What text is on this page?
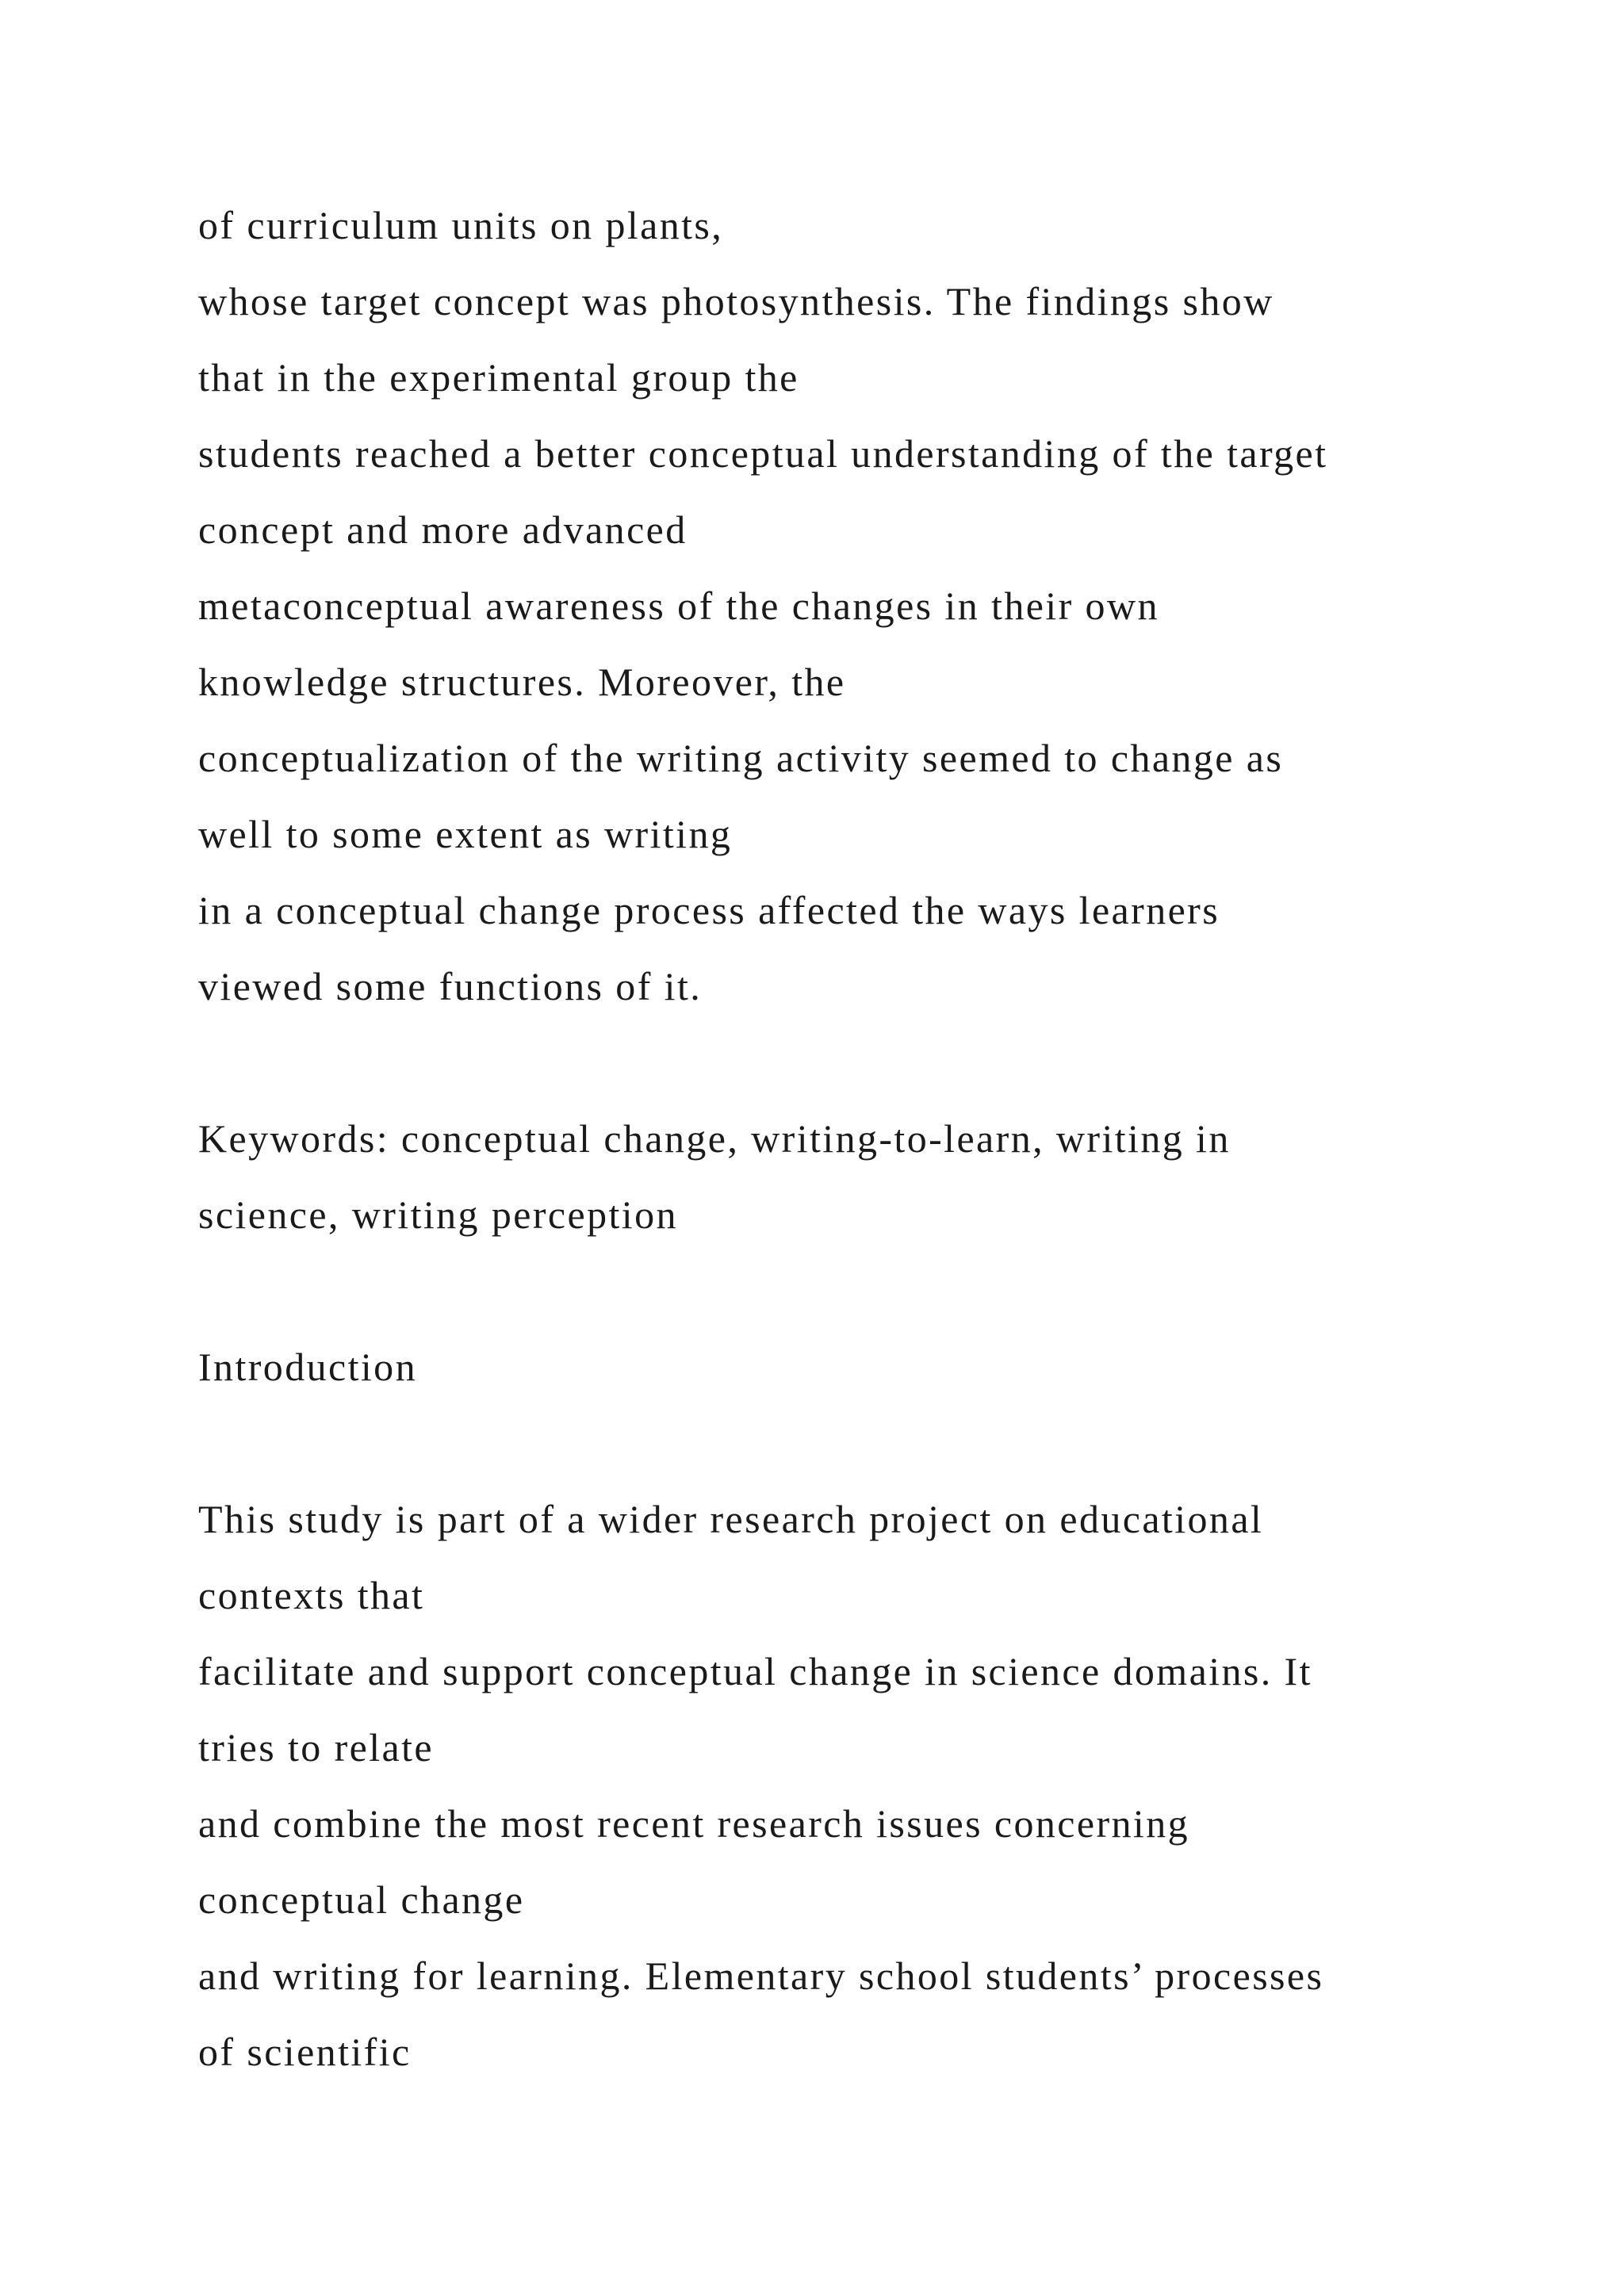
of curriculum units on plants,
whose target concept was photosynthesis. The findings show
that in the experimental group the
students reached a better conceptual understanding of the target
concept and more advanced
metaconceptual awareness of the changes in their own
knowledge structures. Moreover, the
conceptualization of the writing activity seemed to change as
well to some extent as writing
in a conceptual change process affected the ways learners
viewed some functions of it.
Keywords: conceptual change, writing-to-learn, writing in
science, writing perception
Introduction
This study is part of a wider research project on educational
contexts that
facilitate and support conceptual change in science domains. It
tries to relate
and combine the most recent research issues concerning
conceptual change
and writing for learning. Elementary school students’ processes
of scientific
